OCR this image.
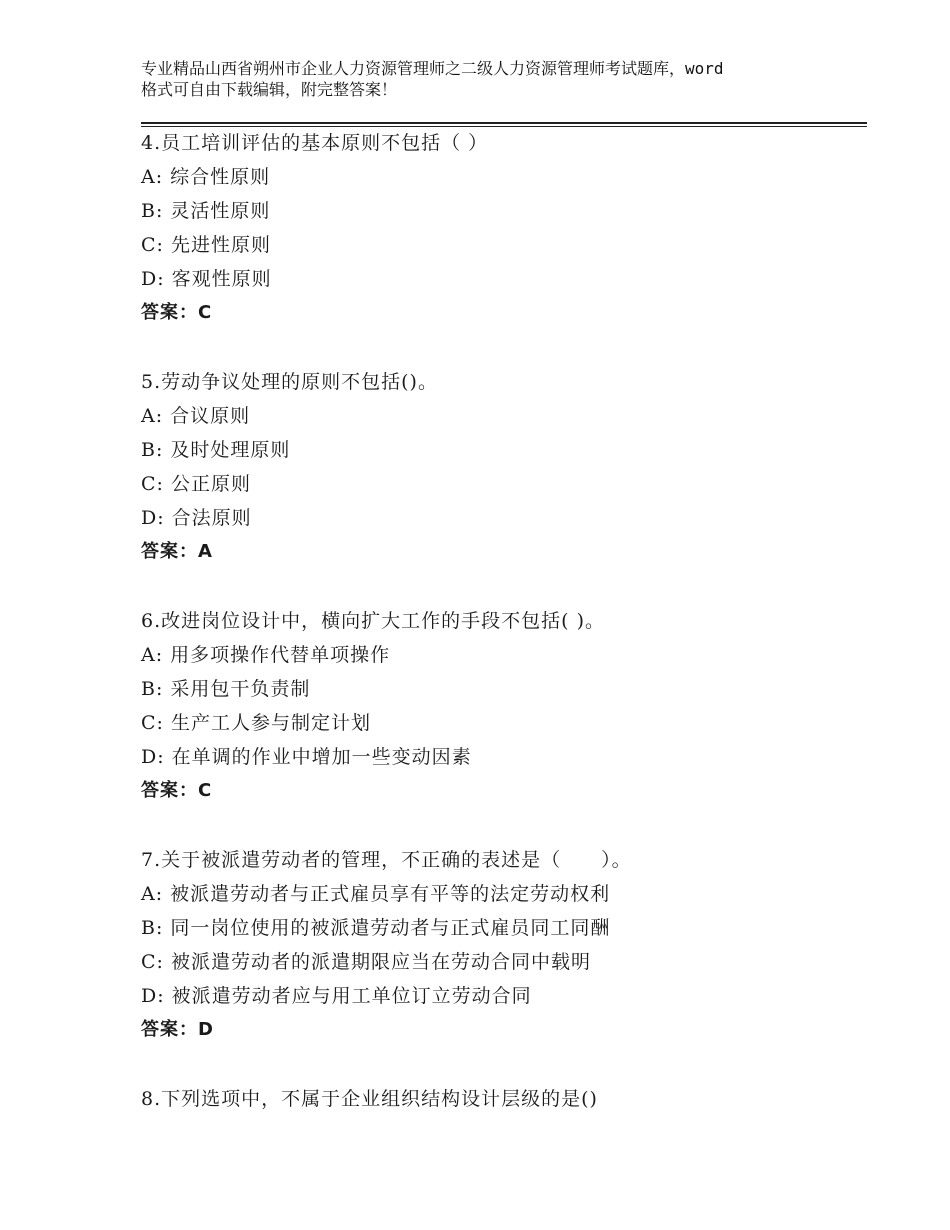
专业精品山西省朔州市企业人力资源管理师之二级人力资源管理师考试题库，word
格式可自由下载编辑，附完整答案！
4.员工培训评估的基本原则不包括（ ）
A: 综合性原则
B: 灵活性原则
C: 先进性原则
D: 客观性原则
答案：C
5.劳动争议处理的原则不包括()。
A: 合议原则
B: 及时处理原则
C: 公正原则
D: 合法原则
答案：A
6.改进岗位设计中，横向扩大工作的手段不包括( )。
A: 用多项操作代替单项操作
B: 采用包干负责制
C: 生产工人参与制定计划
D: 在单调的作业中增加一些变动因素
答案：C
7.关于被派遣劳动者的管理，不正确的表述是（　　）。
A: 被派遣劳动者与正式雇员享有平等的法定劳动权利
B: 同一岗位使用的被派遣劳动者与正式雇员同工同酬
C: 被派遣劳动者的派遣期限应当在劳动合同中载明
D: 被派遣劳动者应与用工单位订立劳动合同
答案：D
8.下列选项中，不属于企业组织结构设计层级的是()
